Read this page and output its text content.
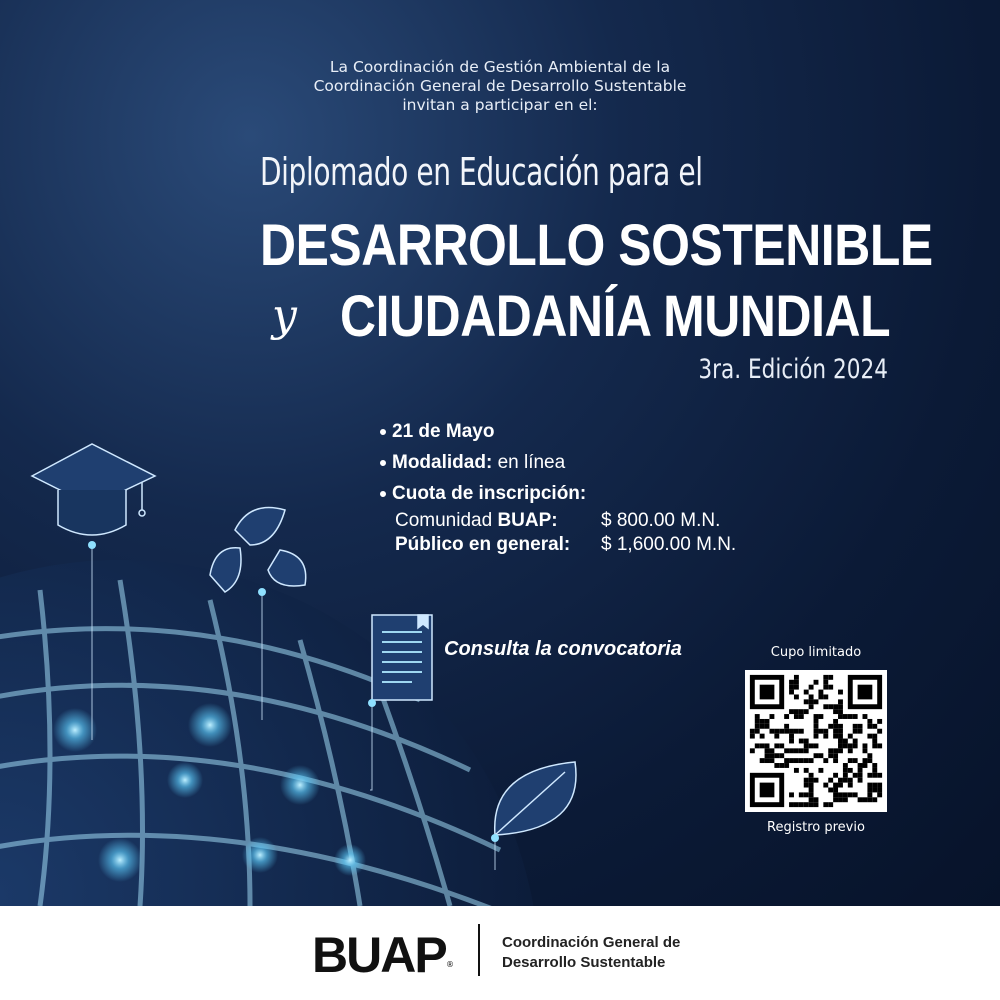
La Coordinación de Gestión Ambiental de la
Coordinación General de Desarrollo Sustentable
invitan a participar en el:
Diplomado en Educación para el
DESARROLLO SOSTENIBLE
y CIUDADANÍA MUNDIAL
3ra. Edición 2024
21 de Mayo
Modalidad: en línea
Cuota de inscripción:
Comunidad BUAP:	$ 800.00 M.N.
Público en general:	$ 1,600.00 M.N.
Consulta la convocatoria	Cupo limitado
Registro previo
BUAP ®
Coordinación General de
Desarrollo Sustentable
